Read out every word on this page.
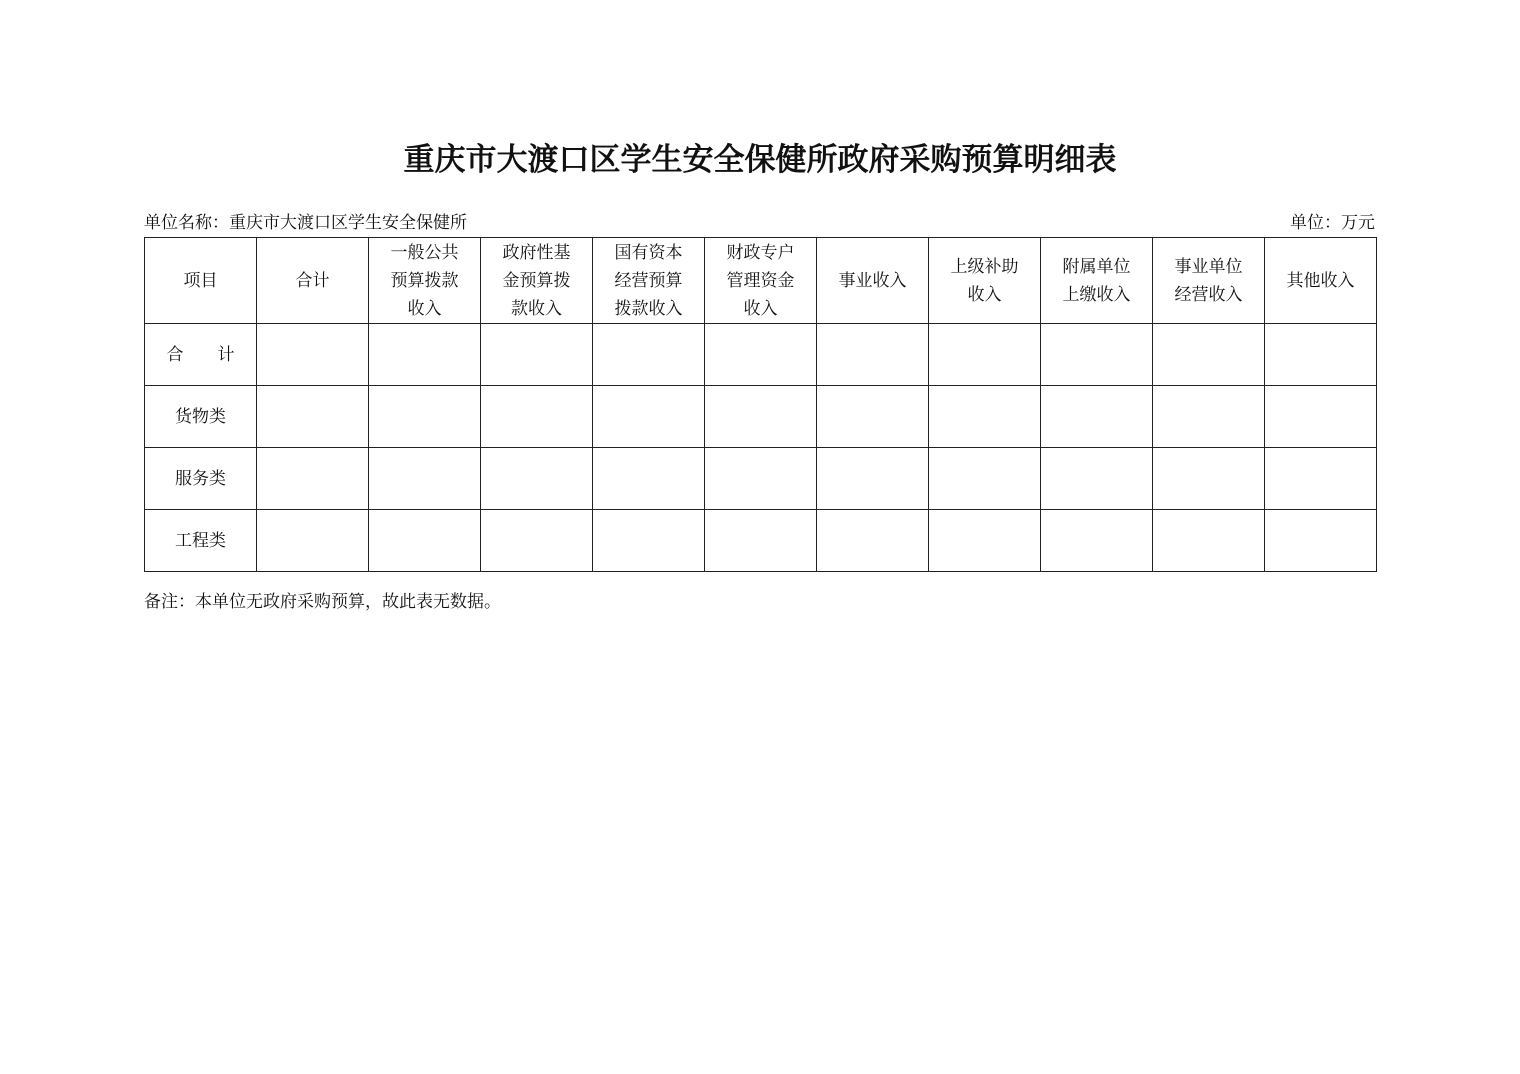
重庆市大渡口区学生安全保健所政府采购预算明细表
单位名称：重庆市大渡口区学生安全保健所	单位：万元
项目	合计	一般公共预算拨款收入	政府性基金预算拨款收入	国有资本经营预算拨款收入	财政专户管理资金收入	事业收入	上级补助收入	附属单位上缴收入	事业单位经营收入	其他收入
合　　计										
货物类										
服务类										
工程类										
备注：本单位无政府采购预算，故此表无数据。
